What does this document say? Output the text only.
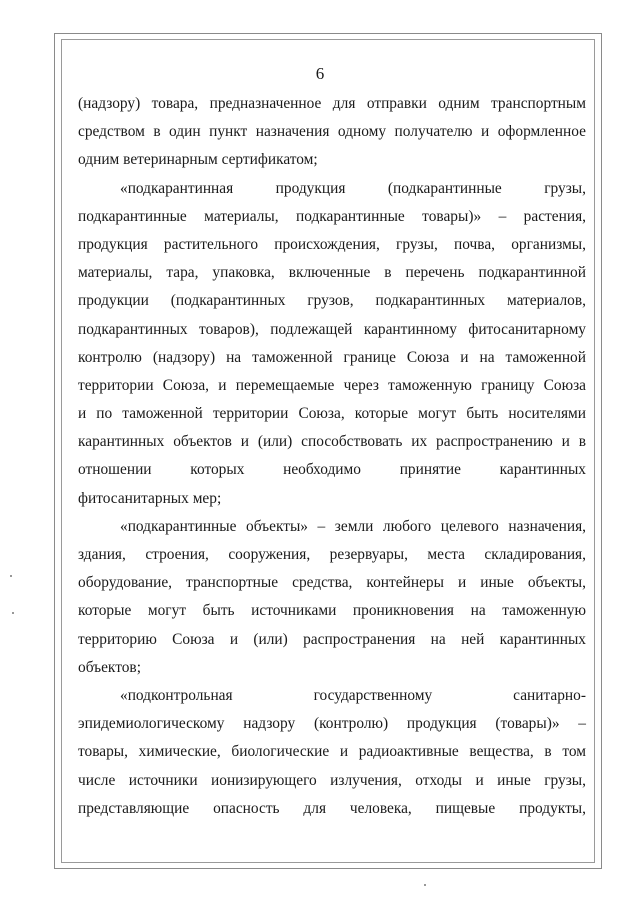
6
(надзору) товара, предназначенное для отправки одним транспортным
средством в один пункт назначения одному получателю и оформленное
одним ветеринарным сертификатом;
«подкарантинная продукция (подкарантинные грузы,
подкарантинные материалы, подкарантинные товары)» – растения,
продукция растительного происхождения, грузы, почва, организмы,
материалы, тара, упаковка, включенные в перечень подкарантинной
продукции (подкарантинных грузов, подкарантинных материалов,
подкарантинных товаров), подлежащей карантинному фитосанитарному
контролю (надзору) на таможенной границе Союза и на таможенной
территории Союза, и перемещаемые через таможенную границу Союза
и по таможенной территории Союза, которые могут быть носителями
карантинных объектов и (или) способствовать их распространению и в
отношении которых необходимо принятие карантинных
фитосанитарных мер;
«подкарантинные объекты» – земли любого целевого назначения,
здания, строения, сооружения, резервуары, места складирования,
оборудование, транспортные средства, контейнеры и иные объекты,
которые могут быть источниками проникновения на таможенную
территорию Союза и (или) распространения на ней карантинных
объектов;
«подконтрольная государственному санитарно-
эпидемиологическому надзору (контролю) продукция (товары)» –
товары, химические, биологические и радиоактивные вещества, в том
числе источники ионизирующего излучения, отходы и иные грузы,
представляющие опасность для человека, пищевые продукты,
